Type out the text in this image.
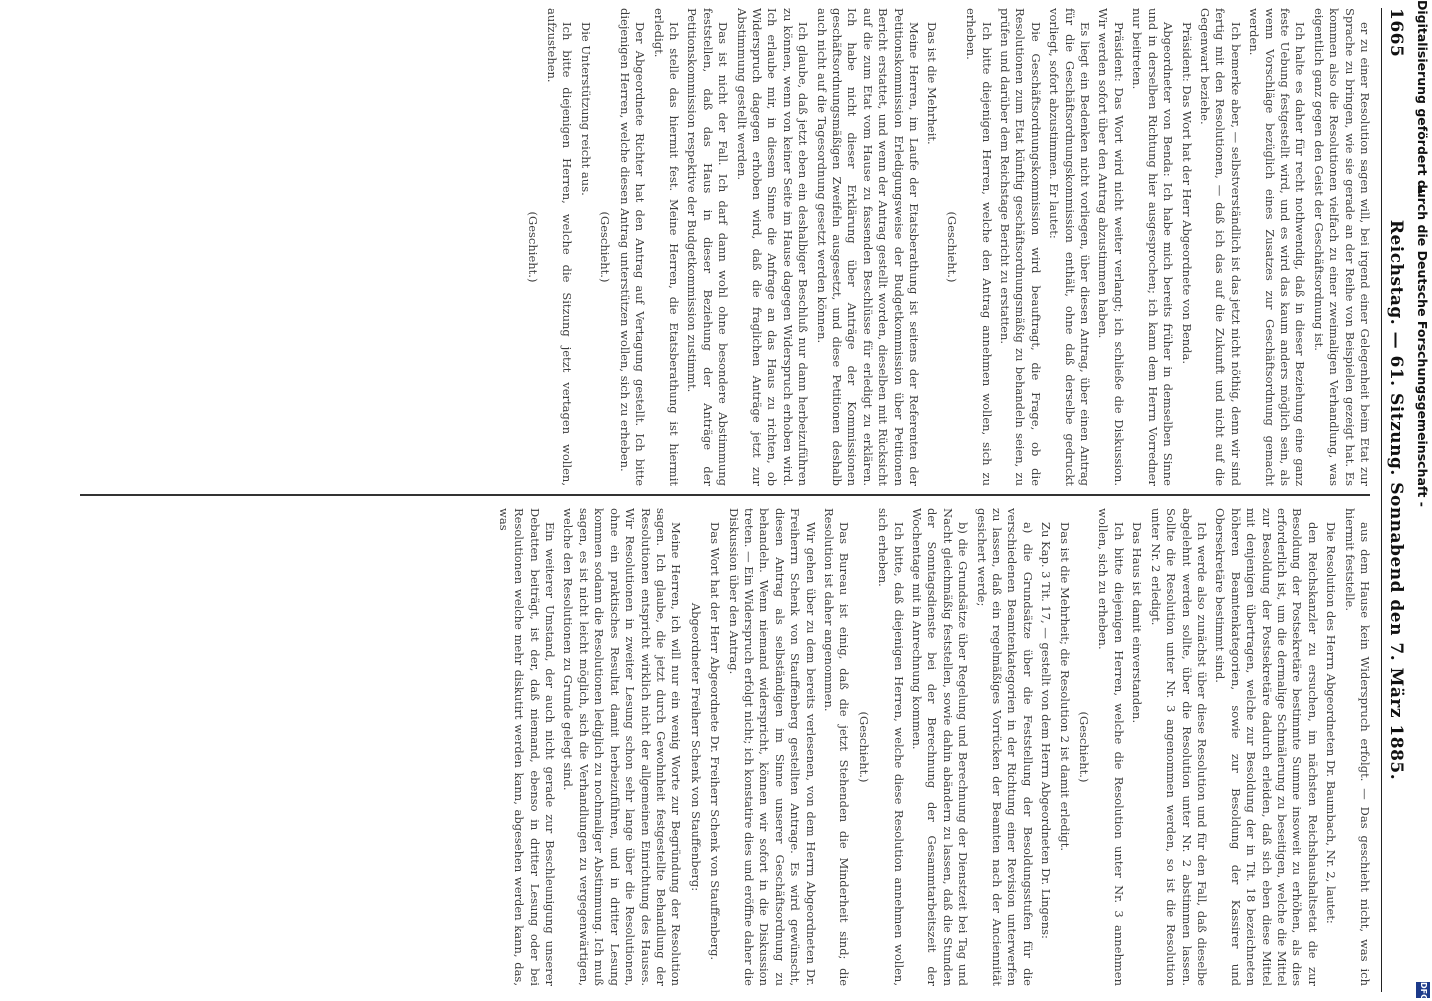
1665
Reichstag. — 61. Sitzung. Sonnabend den 7. März 1885.

er zu einer Resolution sagen will, bei irgend einer Gelegenheit beim Etat zur Sprache zu bringen, wie sie gerade an der Reihe von Beispielen gezeigt hat. Es kommen also die Resolutionen vielfach zu einer zweimaligen Verhandlung, was eigentlich ganz gegen den Geist der Geschäftsordnung ist.

Ich halte es daher für recht nothwendig, daß in dieser Beziehung eine ganz feste Uebung festgestellt wird, und es wird das kaum anders möglich sein, als wenn Vorschläge bezüglich eines Zusatzes zur Geschäftsordnung gemacht werden.

Ich bemerke aber, — selbstverständlich ist das jetzt nicht nöthig, denn wir sind fertig mit den Resolutionen, — daß ich das auf die Zukunft und nicht auf die Gegenwart beziehe.

Präsident: Das Wort hat der Herr Abgeordnete von Benda.

Abgeordneter von Benda: Ich habe mich bereits früher in demselben Sinne und in derselben Richtung hier ausgesprochen; ich kann dem Herrn Vorredner nur beitreten.

Präsident: Das Wort wird nicht weiter verlangt; ich schließe die Diskussion. Wir werden sofort über den Antrag abzustimmen haben.

Es liegt ein Bedenken nicht vorliegen, über diesen Antrag, über einen Antrag für die Geschäftsordnungskommission enthält, ohne daß derselbe gedruckt vorliegt, sofort abzustimmen. Er lautet:

Die Geschäftsordnungskommission wird beauftragt, die Frage, ob die Resolutionen zum Etat künftig geschäftsordnungsmäßig zu behandeln seien, zu prüfen und darüber dem Reichstage Bericht zu erstatten.

Ich bitte diejenigen Herren, welche den Antrag annehmen wollen, sich zu erheben.

(Geschieht.)

Das ist die Mehrheit.

Meine Herren, im Laufe der Etatsberathung ist seitens der Referenten der Petitionskommission Erledigungsweise der Budgetkommission über Petitionen Bericht erstattet, und wenn der Antrag gestellt worden, dieselben mit Rücksicht auf die zum Etat vom Hause zu fassenden Beschlüsse für erledigt zu erklären. Ich habe nicht dieser Erklärung über Anträge der Kommissionen geschäftsordnungsmäßigen Zweifeln ausgesetzt, und diese Petitionen deshalb auch nicht auf die Tagesordnung gesetzt werden können.

Ich glaube, daß jetzt eben ein deshalbiger Beschluß nur dann herbeizuführen zu können, wenn von keiner Seite im Hause dagegen Widerspruch erhoben wird. Ich erlaube mir, in diesem Sinne die Anfrage an das Haus zu richten, ob Widerspruch dagegen erhoben wird, daß die fraglichen Anträge jetzt zur Abstimmung gestellt werden.

Das ist nicht der Fall. Ich darf dann wohl ohne besondere Abstimmung feststellen, daß das Haus in dieser Beziehung der Anträge der Petitionskommission respektive der Budgetkommission zustimmt.

Ich stelle das hiermit fest. Meine Herren, die Etatsberathung ist hiermit erledigt.

Der Abgeordnete Richter hat den Antrag auf Vertagung gestellt. Ich bitte diejenigen Herren, welche diesen Antrag unterstützen wollen, sich zu erheben.

(Geschieht.)

Die Unterstützung reicht aus.

Ich bitte diejenigen Herren, welche die Sitzung jetzt vertagen wollen, aufzustehen.

(Geschieht.)

aus dem Hause kein Widerspruch erfolgt. — Das geschieht nicht, was ich hiermit feststelle.

Die Resolution des Herrn Abgeordneten Dr. Baumbach, Nr. 2, lautet:

den Reichskanzler zu ersuchen, im nächsten Reichshaushaltsetat die zur Besoldung der Postsekretäre bestimmte Summe insoweit zu erhöhen, als dies erforderlich ist, um die dermalige Schmälerung zu beseitigen, welche die Mittel zur Besoldung der Postsekretäre dadurch erleiden, daß sich eben diese Mittel mit denjenigen übertragen, welche zur Besoldung der in Tit. 18 bezeichneten höheren Beamtenkategorien, sowie zur Besoldung der Kassirer und Obersekretäre bestimmt sind.

Ich werde also zunächst über diese Resolution und für den Fall, daß dieselbe abgelehnt werden sollte, über die Resolution unter Nr. 2 abstimmen lassen. Sollte die Resolution unter Nr. 3 angenommen werden, so ist die Resolution unter Nr. 2 erledigt.

Das Haus ist damit einverstanden.

Ich bitte diejenigen Herren, welche die Resolution unter Nr. 3 annehmen wollen, sich zu erheben.

(Geschieht.)

Das ist die Mehrheit; die Resolution 2 ist damit erledigt.

Zu Kap. 3 Tit. 17, — gestellt von dem Herrn Abgeordneten Dr. Lingens:

a) die Grundsätze über die Feststellung der Besoldungsstufen für die verschiedenen Beamtenkategorien in der Richtung einer Revision unterwerfen zu lassen, daß ein regelmäßiges Vorrücken der Beamten nach der Anciennität gesichert werde;

b) die Grundsätze über Regelung und Berechnung der Dienstzeit bei Tag und Nacht gleichmäßig feststellen, sowie dahin abändern zu lassen, daß die Stunden der Sonntagsdienste bei der Berechnung der Gesammtarbeitszeit der Wochentage mit in Anrechnung kommen.

Ich bitte, daß diejenigen Herren, welche diese Resolution annehmen wollen, sich erheben.

(Geschieht.)

Das Bureau ist einig, daß die jetzt Stehenden die Minderheit sind; die Resolution ist daher angenommen.

Wir gehen über zu dem bereits verlesenen, von dem Herrn Abgeordneten Dr. Freiherrn Schenk von Stauffenberg gestellten Antrage. Es wird gewünscht, diesen Antrag als selbständigen im Sinne unserer Geschäftsordnung zu behandeln. Wenn niemand widerspricht, können wir sofort in die Diskussion treten. — Ein Widerspruch erfolgt nicht; ich konstatire dies und eröffne daher die Diskussion über den Antrag.

Das Wort hat der Herr Abgeordnete Dr. Freiherr Schenk von Stauffenberg.

Abgeordneter Freiherr Schenk von Stauffenberg:

Meine Herren, ich will nur ein wenig Worte zur Begründung der Resolution sagen. Ich glaube, die jetzt durch Gewohnheit festgestellte Behandlung der Resolutionen entspricht wirklich nicht der allgemeinen Einrichtung des Hauses. Wir Resolutionen in zweiter Lesung schon sehr lange über die Resolutionen, ohne ein praktisches Resultat damit herbeizuführen, und in dritter Lesung kommen sodann die Resolutionen lediglich zu nochmaliger Abstimmung. Ich muß sagen, es ist nicht leicht möglich, sich die Verhandlungen zu vergegenwärtigen, welche den Resolutionen zu Grunde gelegt sind.

Ein weiterer Umstand, der auch nicht gerade zur Beschleunigung unserer Debatten beiträgt, ist der, daß niemand, ebenso in dritter Lesung oder bei Resolutionen welche mehr diskutirt werden kann, abgesehen werden kann, das, was

Digitalisierung gefördert durch die Deutsche Forschungsgemeinschaft -
DFG
